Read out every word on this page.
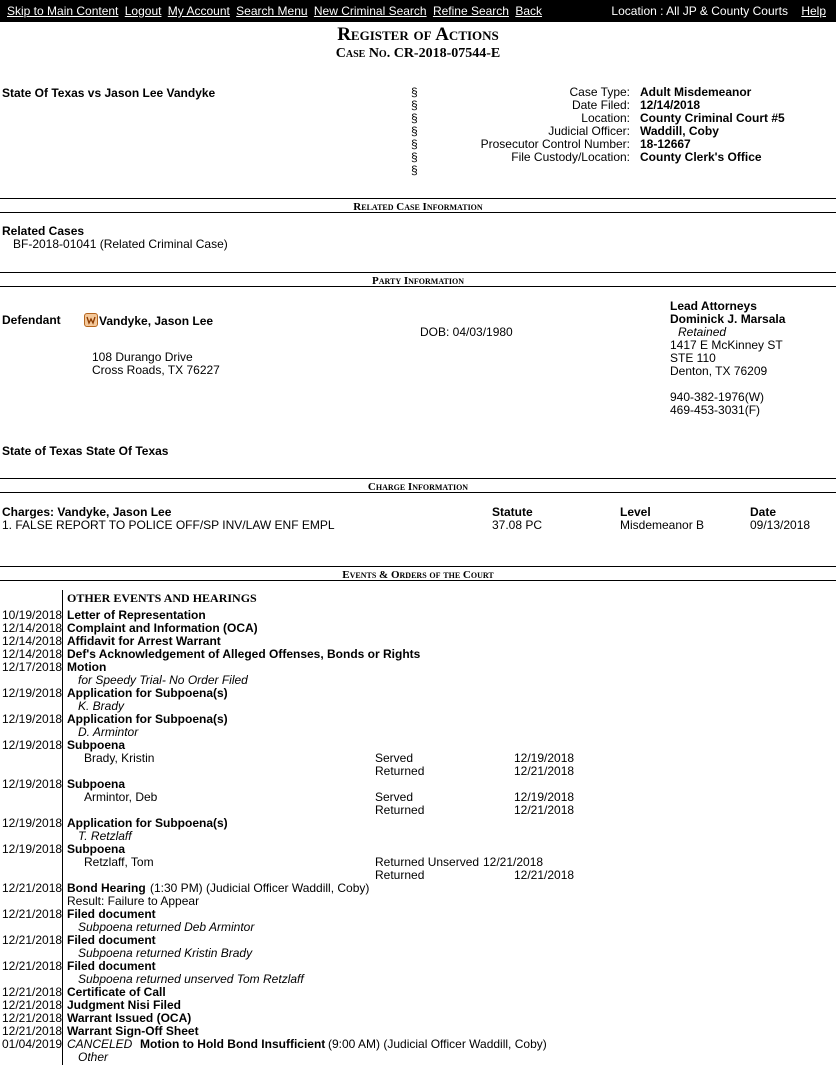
Skip to Main Content Logout My Account Search Menu New Criminal Search Refine Search Back	Location : All JP & County Courts Help
Register of Actions
Case No. CR-2018-07544-E
State Of Texas vs Jason Lee Vandyke	§
§
§
§
§
§
§
Case Type: Adult Misdemeanor
Date Filed: 12/14/2018
Location: County Criminal Court #5
Judicial Officer: Waddill, Coby
Prosecutor Control Number: 18-12667
File Custody/Location: County Clerk's Office
Related Case Information
Related Cases
BF-2018-01041 (Related Criminal Case)
Party Information
Defendant	Vandyke, Jason Lee
DOB: 04/03/1980
108 Durango Drive
Cross Roads, TX 76227
Lead Attorneys
Dominick J. Marsala
Retained
1417 E McKinney ST
STE 110
Denton, TX 76209
940-382-1976(W)
469-453-3031(F)
State of Texas State Of Texas
Charge Information
Charges: Vandyke, Jason Lee	Statute	Level	Date
1. FALSE REPORT TO POLICE OFF/SP INV/LAW ENF EMPL	37.08 PC	Misdemeanor B	09/13/2018
Events & Orders of the Court
OTHER EVENTS AND HEARINGS
10/19/2018 Letter of Representation
12/14/2018 Complaint and Information (OCA)
12/14/2018 Affidavit for Arrest Warrant
12/14/2018 Def's Acknowledgement of Alleged Offenses, Bonds or Rights
12/17/2018 Motion
for Speedy Trial- No Order Filed
12/19/2018 Application for Subpoena(s)
K. Brady
12/19/2018 Application for Subpoena(s)
D. Armintor
12/19/2018 Subpoena
Brady, Kristin	Served	12/19/2018
Returned	12/21/2018
12/19/2018 Subpoena
Armintor, Deb	Served	12/19/2018
Returned	12/21/2018
12/19/2018 Application for Subpoena(s)
T. Retzlaff
12/19/2018 Subpoena
Retzlaff, Tom	Returned Unserved 12/21/2018
Returned	12/21/2018
12/21/2018 Bond Hearing (1:30 PM) (Judicial Officer Waddill, Coby)
Result: Failure to Appear
12/21/2018 Filed document
Subpoena returned Deb Armintor
12/21/2018 Filed document
Subpoena returned Kristin Brady
12/21/2018 Filed document
Subpoena returned unserved Tom Retzlaff
12/21/2018 Certificate of Call
12/21/2018 Judgment Nisi Filed
12/21/2018 Warrant Issued (OCA)
12/21/2018 Warrant Sign-Off Sheet
01/04/2019 CANCELED Motion to Hold Bond Insufficient (9:00 AM) (Judicial Officer Waddill, Coby)
Other
